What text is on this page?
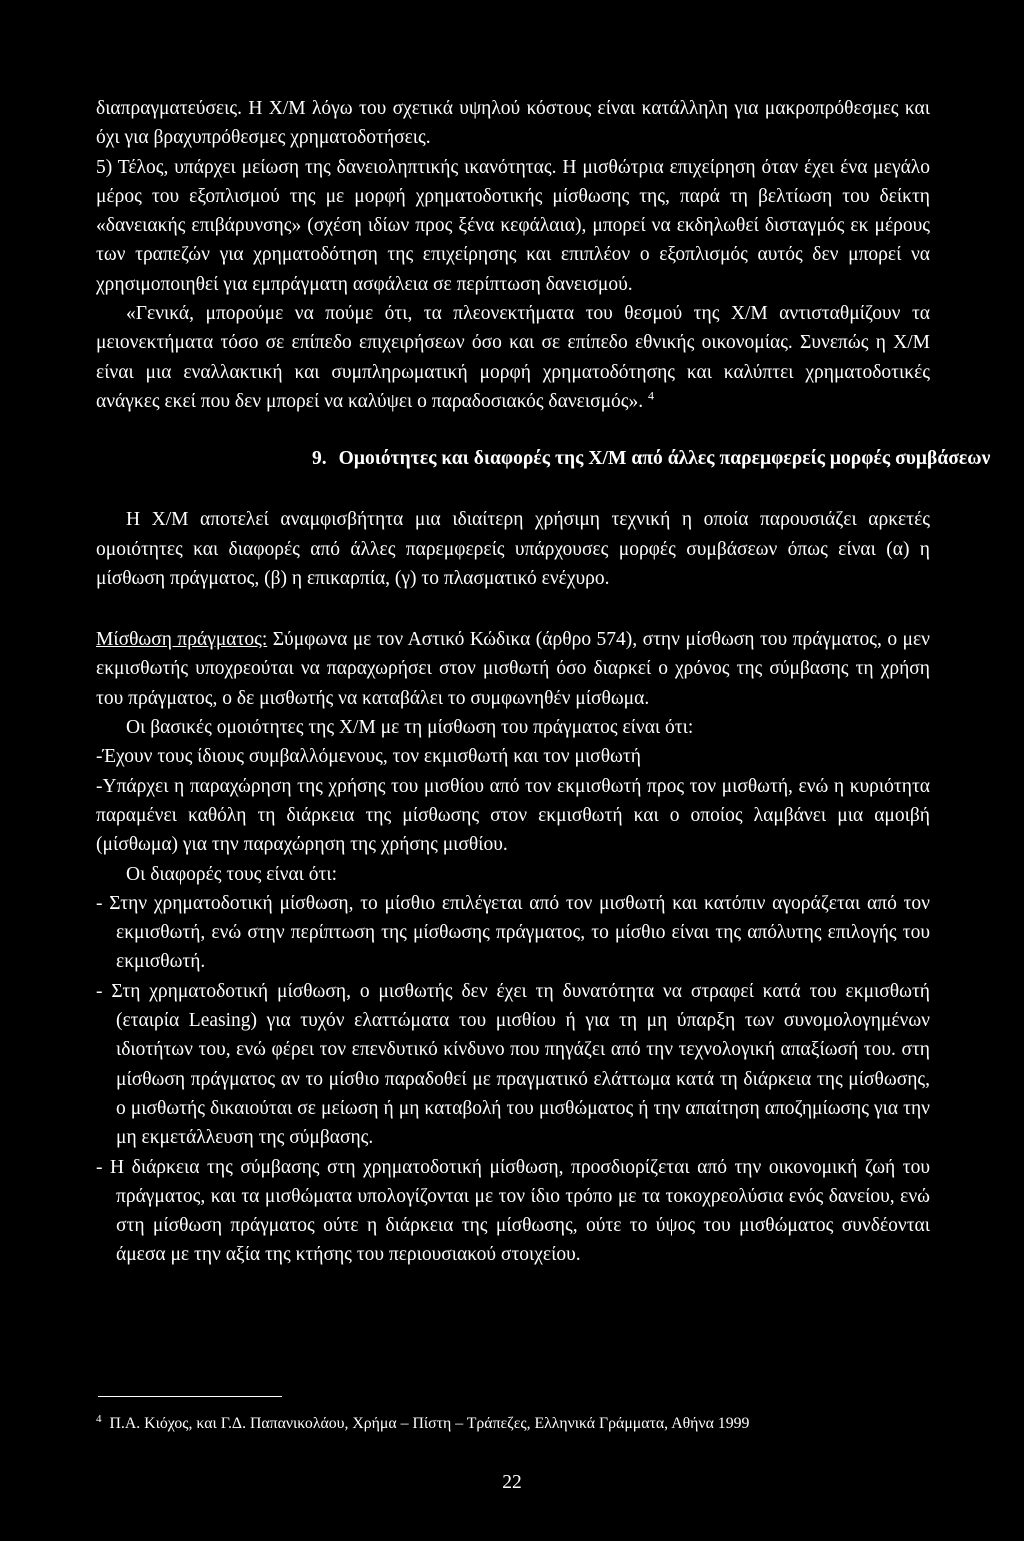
διαπραγματεύσεις. Η Χ/Μ λόγω του σχετικά υψηλού κόστους είναι κατάλληλη για μακροπρόθεσμες και όχι για βραχυπρόθεσμες χρηματοδοτήσεις.

5) Τέλος, υπάρχει μείωση της δανειοληπτικής ικανότητας. Η μισθώτρια επιχείρηση όταν έχει ένα μεγάλο μέρος του εξοπλισμού της με μορφή χρηματοδοτικής μίσθωσης της, παρά τη βελτίωση του δείκτη «δανειακής επιβάρυνσης» (σχέση ιδίων προς ξένα κεφάλαια), μπορεί να εκδηλωθεί δισταγμός εκ μέρους των τραπεζών για χρηματοδότηση της επιχείρησης και επιπλέον ο εξοπλισμός αυτός δεν μπορεί να χρησιμοποιηθεί για εμπράγματη ασφάλεια σε περίπτωση δανεισμού.

«Γενικά, μπορούμε να πούμε ότι, τα πλεονεκτήματα του θεσμού της Χ/Μ αντισταθμίζουν τα μειονεκτήματα τόσο σε επίπεδο επιχειρήσεων όσο και σε επίπεδο εθνικής οικονομίας. Συνεπώς η Χ/Μ είναι μια εναλλακτική και συμπληρωματική μορφή χρηματοδότησης και καλύπτει χρηματοδοτικές ανάγκες εκεί που δεν μπορεί να καλύψει ο παραδοσιακός δανεισμός». $^4$

9. Ομοιότητες και διαφορές της Χ/Μ από άλλες παρεμφερείς μορφές συμβάσεων

Η Χ/Μ αποτελεί αναμφισβήτητα μια ιδιαίτερη χρήσιμη τεχνική η οποία παρουσιάζει αρκετές ομοιότητες και διαφορές από άλλες παρεμφερείς υπάρχουσες μορφές συμβάσεων όπως είναι (α) η μίσθωση πράγματος, (β) η επικαρπία, (γ) το πλασματικό ενέχυρο.

Μίσθωση πράγματος: Σύμφωνα με τον Αστικό Κώδικα (άρθρο 574), στην μίσθωση του πράγματος, ο μεν εκμισθωτής υποχρεούται να παραχωρήσει στον μισθωτή όσο διαρκεί ο χρόνος της σύμβασης τη χρήση του πράγματος, ο δε μισθωτής να καταβάλει το συμφωνηθέν μίσθωμα.

Οι βασικές ομοιότητες της Χ/Μ με τη μίσθωση του πράγματος είναι ότι:

-Έχουν τους ίδιους συμβαλλόμενους, τον εκμισθωτή και τον μισθωτή

-Υπάρχει η παραχώρηση της χρήσης του μισθίου από τον εκμισθωτή προς τον μισθωτή, ενώ η κυριότητα παραμένει καθόλη τη διάρκεια της μίσθωσης στον εκμισθωτή και ο οποίος λαμβάνει μια αμοιβή (μίσθωμα) για την παραχώρηση της χρήσης μισθίου.

Οι διαφορές τους είναι ότι:

- Στην χρηματοδοτική μίσθωση, το μίσθιο επιλέγεται από τον μισθωτή και κατόπιν αγοράζεται από τον εκμισθωτή, ενώ στην περίπτωση της μίσθωσης πράγματος, το μίσθιο είναι της απόλυτης επιλογής του εκμισθωτή.

- Στη χρηματοδοτική μίσθωση, ο μισθωτής δεν έχει τη δυνατότητα να στραφεί κατά του εκμισθωτή (εταιρία Leasing) για τυχόν ελαττώματα του μισθίου ή για τη μη ύπαρξη των συνομολογημένων ιδιοτήτων του, ενώ φέρει τον επενδυτικό κίνδυνο που πηγάζει από την τεχνολογική απαξίωσή του. στη μίσθωση πράγματος αν το μίσθιο παραδοθεί με πραγματικό ελάττωμα κατά τη διάρκεια της μίσθωσης, ο μισθωτής δικαιούται σε μείωση ή μη καταβολή του μισθώματος ή την απαίτηση αποζημίωσης για την μη εκμετάλλευση της σύμβασης.

- Η διάρκεια της σύμβασης στη χρηματοδοτική μίσθωση, προσδιορίζεται από την οικονομική ζωή του πράγματος, και τα μισθώματα υπολογίζονται με τον ίδιο τρόπο με τα τοκοχρεολύσια ενός δανείου, ενώ στη μίσθωση πράγματος ούτε η διάρκεια της μίσθωσης, ούτε το ύψος του μισθώματος συνδέονται άμεσα με την αξία της κτήσης του περιουσιακού στοιχείου.

$^4$ Π.Α. Κιόχος, και Γ.Δ. Παπανικολάου, Χρήμα – Πίστη – Τράπεζες, Ελληνικά Γράμματα, Αθήνα 1999
22
